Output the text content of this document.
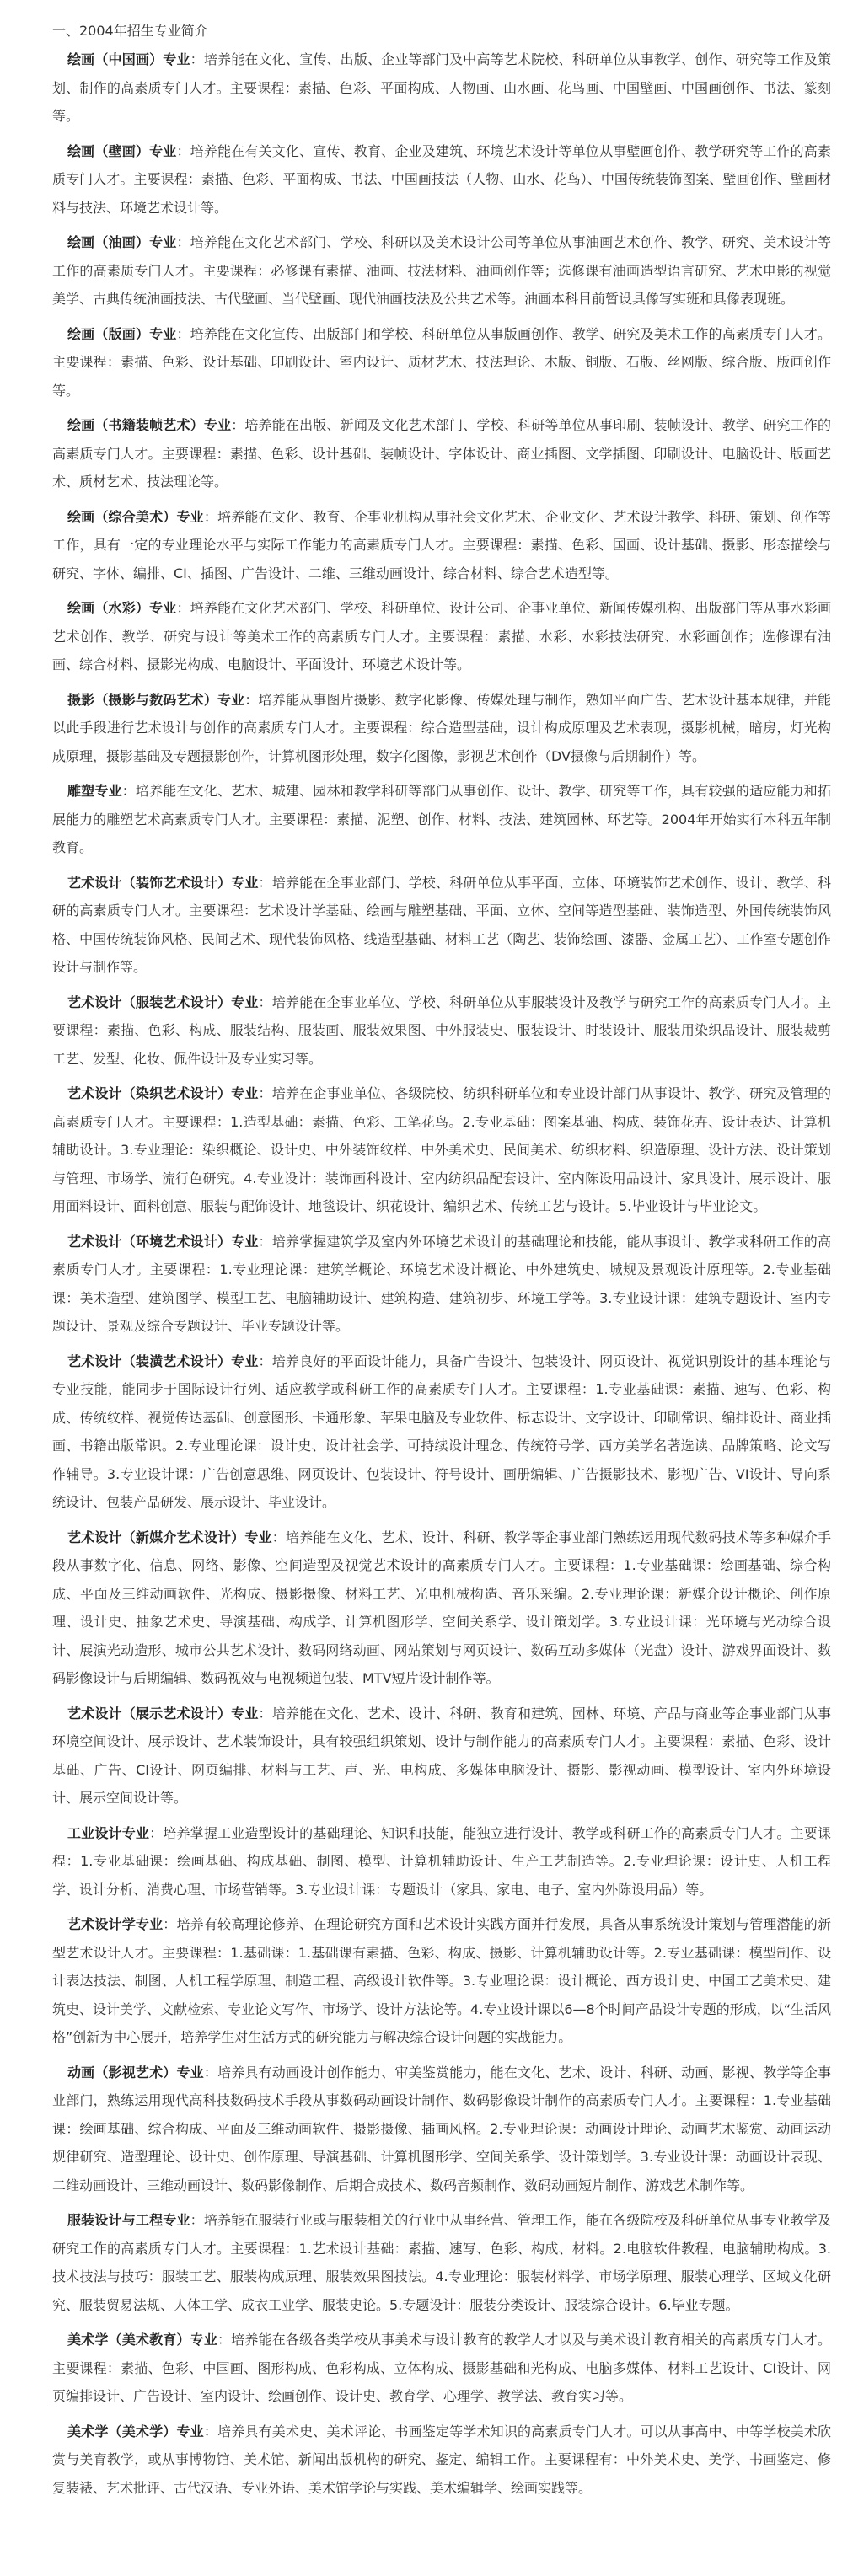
一、2004年招生专业简介

绘画（中国画）专业：培养能在文化、宣传、出版、企业等部门及中高等艺术院校、科研单位从事教学、创作、研究等工作及策划、制作的高素质专门人才。主要课程：素描、色彩、平面构成、人物画、山水画、花鸟画、中国壁画、中国画创作、书法、篆刻等。

绘画（壁画）专业：培养能在有关文化、宣传、教育、企业及建筑、环境艺术设计等单位从事壁画创作、教学研究等工作的高素质专门人才。主要课程：素描、色彩、平面构成、书法、中国画技法（人物、山水、花鸟）、中国传统装饰图案、壁画创作、壁画材料与技法、环境艺术设计等。

绘画（油画）专业：培养能在文化艺术部门、学校、科研以及美术设计公司等单位从事油画艺术创作、教学、研究、美术设计等工作的高素质专门人才。主要课程：必修课有素描、油画、技法材料、油画创作等；选修课有油画造型语言研究、艺术电影的视觉美学、古典传统油画技法、古代壁画、当代壁画、现代油画技法及公共艺术等。油画本科目前暂设具像写实班和具像表现班。

绘画（版画）专业：培养能在文化宣传、出版部门和学校、科研单位从事版画创作、教学、研究及美术工作的高素质专门人才。主要课程：素描、色彩、设计基础、印刷设计、室内设计、质材艺术、技法理论、木版、铜版、石版、丝网版、综合版、版画创作等。

绘画（书籍装帧艺术）专业：培养能在出版、新闻及文化艺术部门、学校、科研等单位从事印刷、装帧设计、教学、研究工作的高素质专门人才。主要课程：素描、色彩、设计基础、装帧设计、字体设计、商业插图、文学插图、印刷设计、电脑设计、版画艺术、质材艺术、技法理论等。

绘画（综合美术）专业：培养能在文化、教育、企事业机构从事社会文化艺术、企业文化、艺术设计教学、科研、策划、创作等工作，具有一定的专业理论水平与实际工作能力的高素质专门人才。主要课程：素描、色彩、国画、设计基础、摄影、形态描绘与研究、字体、编排、CI、插图、广告设计、二维、三维动画设计、综合材料、综合艺术造型等。

绘画（水彩）专业：培养能在文化艺术部门、学校、科研单位、设计公司、企事业单位、新闻传媒机构、出版部门等从事水彩画艺术创作、教学、研究与设计等美术工作的高素质专门人才。主要课程：素描、水彩、水彩技法研究、水彩画创作；选修课有油画、综合材料、摄影光构成、电脑设计、平面设计、环境艺术设计等。

摄影（摄影与数码艺术）专业：培养能从事图片摄影、数字化影像、传媒处理与制作，熟知平面广告、艺术设计基本规律，并能以此手段进行艺术设计与创作的高素质专门人才。主要课程：综合造型基础，设计构成原理及艺术表现，摄影机械，暗房，灯光构成原理，摄影基础及专题摄影创作，计算机图形处理，数字化图像，影视艺术创作（DV摄像与后期制作）等。

雕塑专业：培养能在文化、艺术、城建、园林和教学科研等部门从事创作、设计、教学、研究等工作，具有较强的适应能力和拓展能力的雕塑艺术高素质专门人才。主要课程：素描、泥塑、创作、材料、技法、建筑园林、环艺等。2004年开始实行本科五年制教育。

艺术设计（装饰艺术设计）专业：培养能在企事业部门、学校、科研单位从事平面、立体、环境装饰艺术创作、设计、教学、科研的高素质专门人才。主要课程：艺术设计学基础、绘画与雕塑基础、平面、立体、空间等造型基础、装饰造型、外国传统装饰风格、中国传统装饰风格、民间艺术、现代装饰风格、线造型基础、材料工艺（陶艺、装饰绘画、漆器、金属工艺）、工作室专题创作设计与制作等。

艺术设计（服装艺术设计）专业：培养能在企事业单位、学校、科研单位从事服装设计及教学与研究工作的高素质专门人才。主要课程：素描、色彩、构成、服装结构、服装画、服装效果图、中外服装史、服装设计、时装设计、服装用染织品设计、服装裁剪工艺、发型、化妆、佩件设计及专业实习等。

艺术设计（染织艺术设计）专业：培养在企事业单位、各级院校、纺织科研单位和专业设计部门从事设计、教学、研究及管理的高素质专门人才。主要课程：1.造型基础：素描、色彩、工笔花鸟。2.专业基础：图案基础、构成、装饰花卉、设计表达、计算机辅助设计。3.专业理论：染织概论、设计史、中外装饰纹样、中外美术史、民间美术、纺织材料、织造原理、设计方法、设计策划与管理、市场学、流行色研究。4.专业设计：装饰画科设计、室内纺织品配套设计、室内陈设用品设计、家具设计、展示设计、服用面料设计、面料创意、服装与配饰设计、地毯设计、织花设计、编织艺术、传统工艺与设计。5.毕业设计与毕业论文。

艺术设计（环境艺术设计）专业：培养掌握建筑学及室内外环境艺术设计的基础理论和技能，能从事设计、教学或科研工作的高素质专门人才。主要课程：1.专业理论课：建筑学概论、环境艺术设计概论、中外建筑史、城规及景观设计原理等。2.专业基础课：美术造型、建筑图学、模型工艺、电脑辅助设计、建筑构造、建筑初步、环境工学等。3.专业设计课：建筑专题设计、室内专题设计、景观及综合专题设计、毕业专题设计等。

艺术设计（装潢艺术设计）专业：培养良好的平面设计能力，具备广告设计、包装设计、网页设计、视觉识别设计的基本理论与专业技能，能同步于国际设计行列、适应教学或科研工作的高素质专门人才。主要课程：1.专业基础课：素描、速写、色彩、构成、传统纹样、视觉传达基础、创意图形、卡通形象、苹果电脑及专业软件、标志设计、文字设计、印刷常识、编排设计、商业插画、书籍出版常识。2.专业理论课：设计史、设计社会学、可持续设计理念、传统符号学、西方美学名著选读、品牌策略、论文写作辅导。3.专业设计课：广告创意思维、网页设计、包装设计、符号设计、画册编辑、广告摄影技术、影视广告、VI设计、导向系统设计、包装产品研发、展示设计、毕业设计。

艺术设计（新媒介艺术设计）专业：培养能在文化、艺术、设计、科研、教学等企事业部门熟练运用现代数码技术等多种媒介手段从事数字化、信息、网络、影像、空间造型及视觉艺术设计的高素质专门人才。主要课程：1.专业基础课：绘画基础、综合构成、平面及三维动画软件、光构成、摄影摄像、材料工艺、光电机械构造、音乐采编。2.专业理论课：新媒介设计概论、创作原理、设计史、抽象艺术史、导演基础、构成学、计算机图形学、空间关系学、设计策划学。3.专业设计课：光环境与光动综合设计、展演光动造形、城市公共艺术设计、数码网络动画、网站策划与网页设计、数码互动多媒体（光盘）设计、游戏界面设计、数码影像设计与后期编辑、数码视效与电视频道包装、MTV短片设计制作等。

艺术设计（展示艺术设计）专业：培养能在文化、艺术、设计、科研、教育和建筑、园林、环境、产品与商业等企事业部门从事环境空间设计、展示设计、艺术装饰设计，具有较强组织策划、设计与制作能力的高素质专门人才。主要课程：素描、色彩、设计基础、广告、CI设计、网页编排、材料与工艺、声、光、电构成、多媒体电脑设计、摄影、影视动画、模型设计、室内外环境设计、展示空间设计等。

工业设计专业：培养掌握工业造型设计的基础理论、知识和技能，能独立进行设计、教学或科研工作的高素质专门人才。主要课程：1.专业基础课：绘画基础、构成基础、制图、模型、计算机辅助设计、生产工艺制造等。2.专业理论课：设计史、人机工程学、设计分析、消费心理、市场营销等。3.专业设计课：专题设计（家具、家电、电子、室内外陈设用品）等。

艺术设计学专业：培养有较高理论修养、在理论研究方面和艺术设计实践方面并行发展，具备从事系统设计策划与管理潜能的新型艺术设计人才。主要课程：1.基础课：1.基础课有素描、色彩、构成、摄影、计算机辅助设计等。2.专业基础课：模型制作、设计表达技法、制图、人机工程学原理、制造工程、高级设计软件等。3.专业理论课：设计概论、西方设计史、中国工艺美术史、建筑史、设计美学、文献检索、专业论文写作、市场学、设计方法论等。4.专业设计课以6—8个时间产品设计专题的形成，以“生活风格”创新为中心展开，培养学生对生活方式的研究能力与解决综合设计问题的实战能力。

动画（影视艺术）专业：培养具有动画设计创作能力、审美鉴赏能力，能在文化、艺术、设计、科研、动画、影视、教学等企事业部门，熟练运用现代高科技数码技术手段从事数码动画设计制作、数码影像设计制作的高素质专门人才。主要课程：1.专业基础课：绘画基础、综合构成、平面及三维动画软件、摄影摄像、插画风格。2.专业理论课：动画设计理论、动画艺术鉴赏、动画运动规律研究、造型理论、设计史、创作原理、导演基础、计算机图形学、空间关系学、设计策划学。3.专业设计课：动画设计表现、二维动画设计、三维动画设计、数码影像制作、后期合成技术、数码音频制作、数码动画短片制作、游戏艺术制作等。

服装设计与工程专业：培养能在服装行业或与服装相关的行业中从事经营、管理工作，能在各级院校及科研单位从事专业教学及研究工作的高素质专门人才。主要课程：1.艺术设计基础：素描、速写、色彩、构成、材料。2.电脑软件教程、电脑辅助构成。3.技术技法与技巧：服装工艺、服装构成原理、服装效果图技法。4.专业理论：服装材料学、市场学原理、服装心理学、区域文化研究、服装贸易法规、人体工学、成衣工业学、服装史论。5.专题设计：服装分类设计、服装综合设计。6.毕业专题。

美术学（美术教育）专业：培养能在各级各类学校从事美术与设计教育的教学人才以及与美术设计教育相关的高素质专门人才。主要课程：素描、色彩、中国画、图形构成、色彩构成、立体构成、摄影基础和光构成、电脑多媒体、材料工艺设计、CI设计、网页编排设计、广告设计、室内设计、绘画创作、设计史、教育学、心理学、教学法、教育实习等。

美术学（美术学）专业：培养具有美术史、美术评论、书画鉴定等学术知识的高素质专门人才。可以从事高中、中等学校美术欣赏与美育教学，或从事博物馆、美术馆、新闻出版机构的研究、鉴定、编辑工作。主要课程有：中外美术史、美学、书画鉴定、修复装裱、艺术批评、古代汉语、专业外语、美术馆学论与实践、美术编辑学、绘画实践等。
